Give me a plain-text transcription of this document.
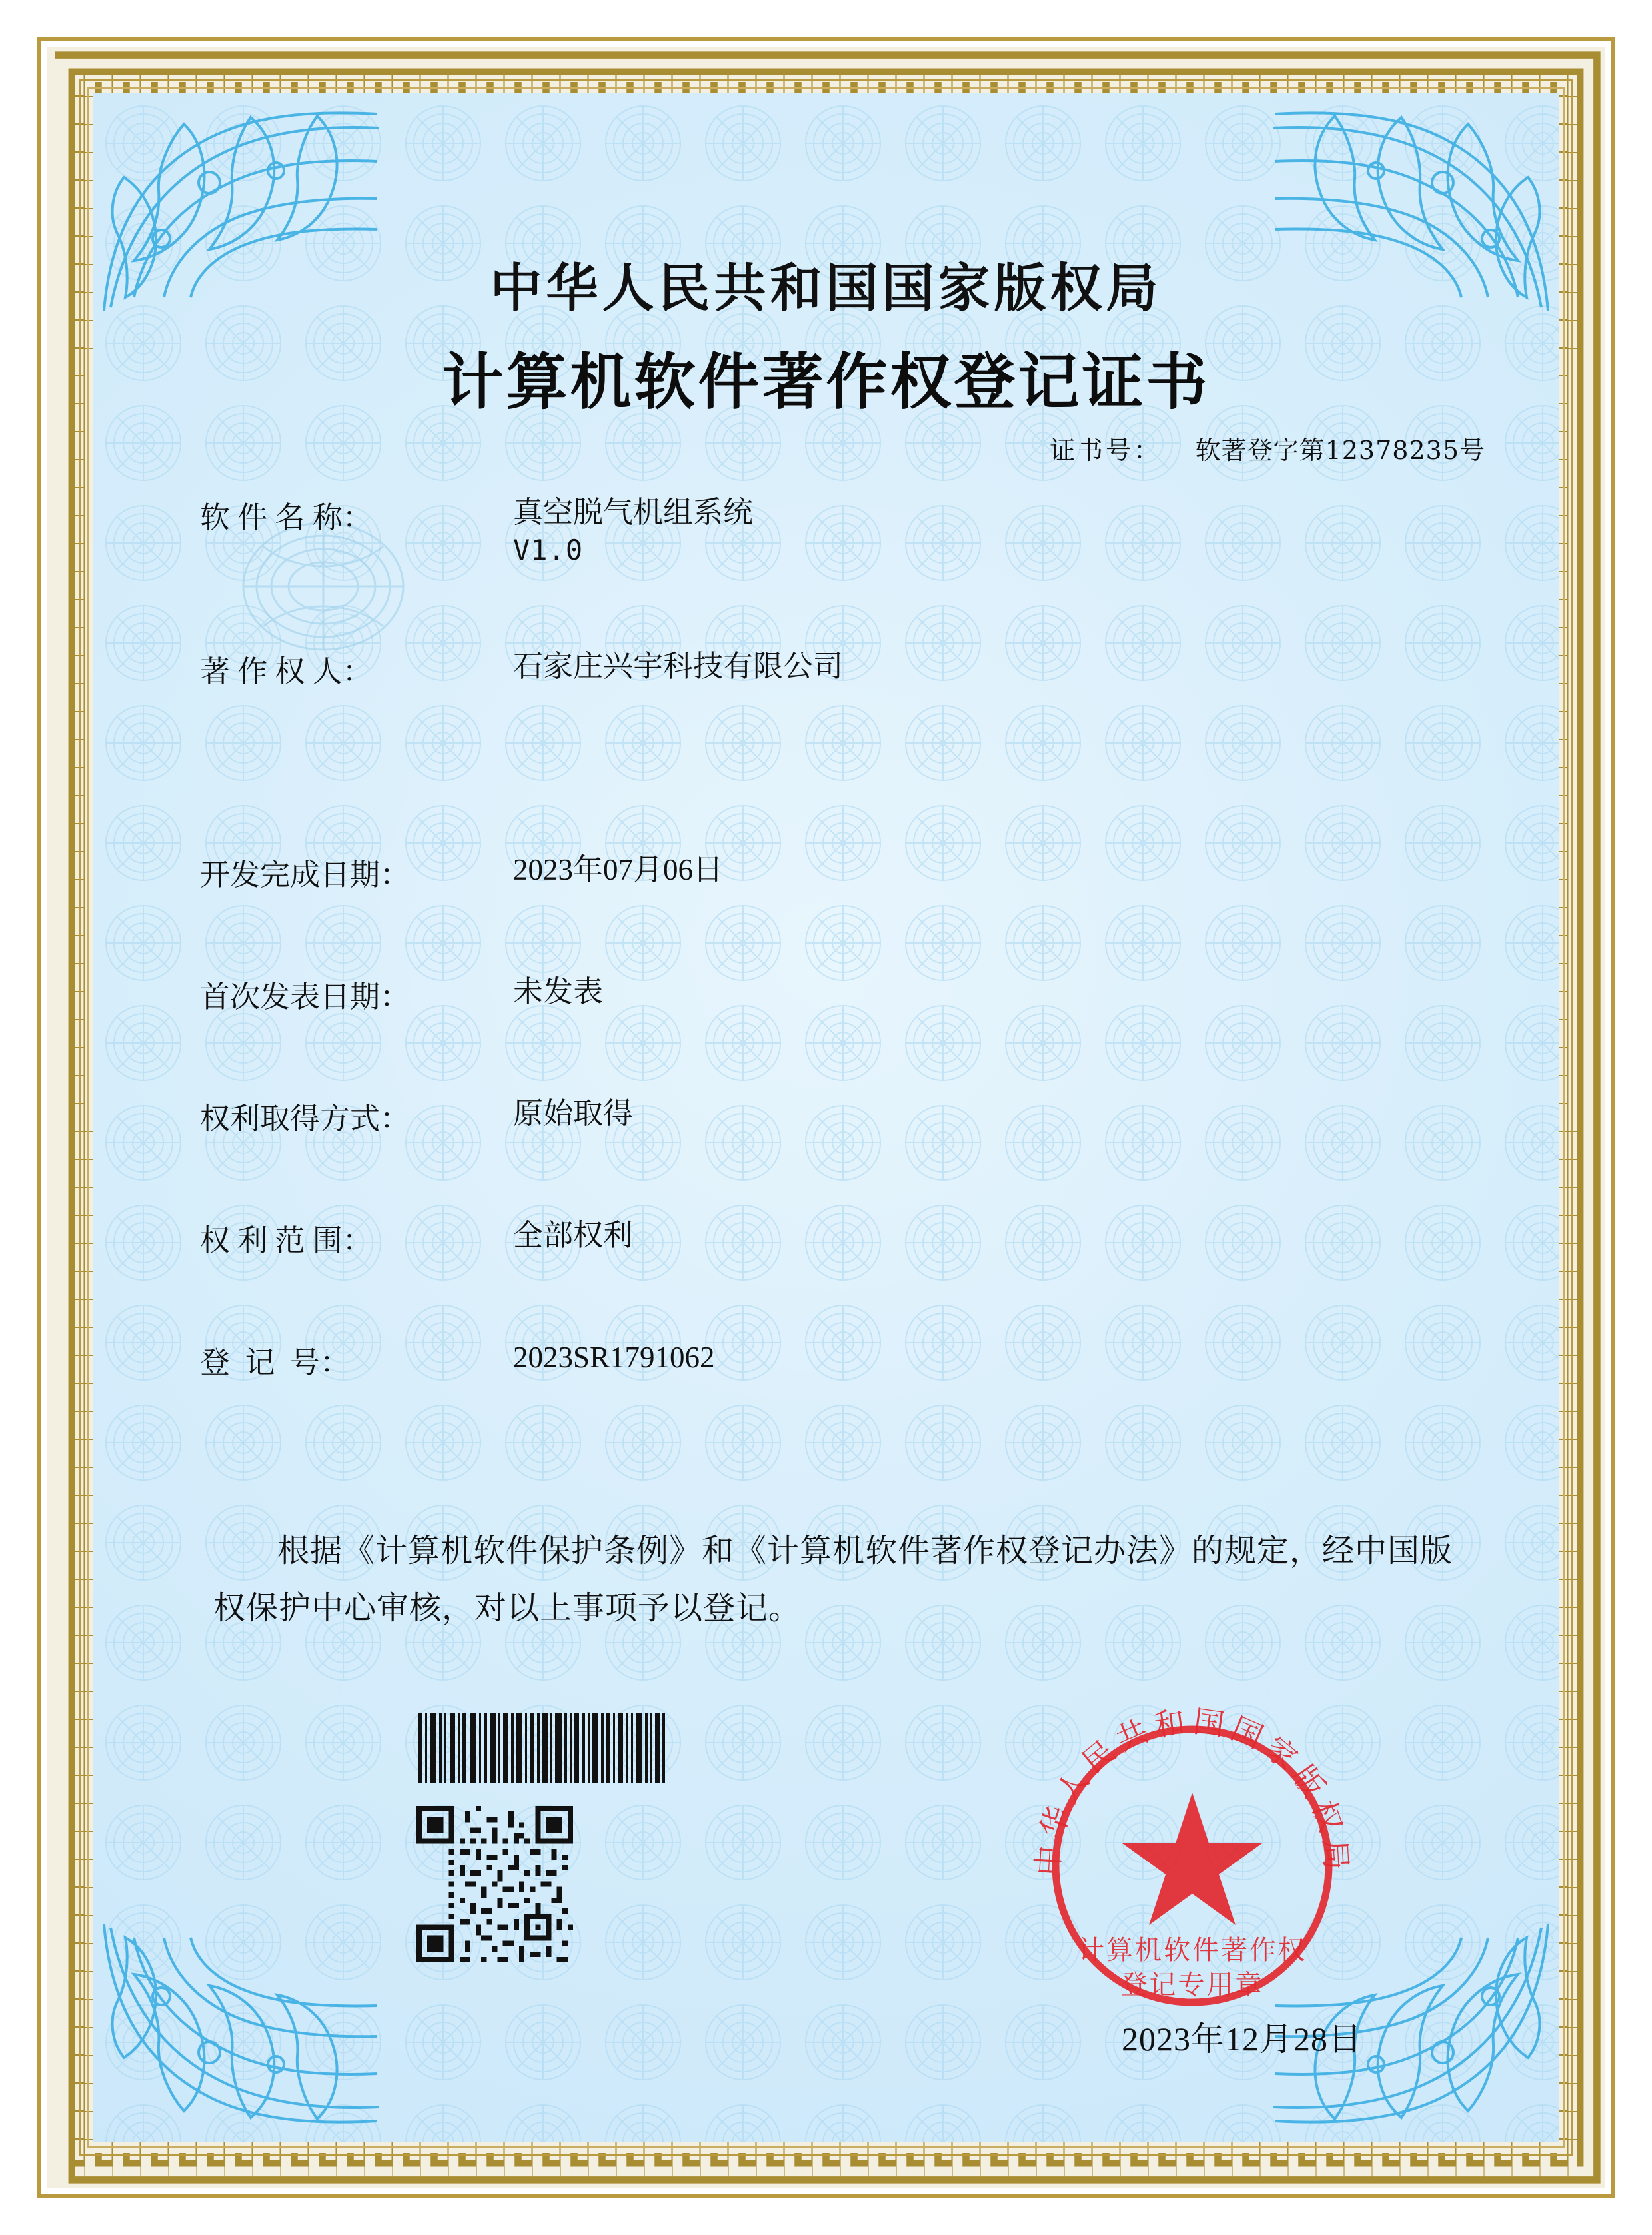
中华人民共和国国家版权局
计算机软件著作权登记证书
证书号： 软著登字第12378235号
软 件 名 称：	真空脱气机组系统
V1.0
著 作 权 人：	石家庄兴宇科技有限公司
开发完成日期：	2023年07月06日
首次发表日期：	未发表
权利取得方式：	原始取得
权 利 范 围：	全部权利
登  记  号：	2023SR1791062
根据《计算机软件保护条例》和《计算机软件著作权登记办法》的规定，经中国版权保护中心审核，对以上事项予以登记。
中华人民共和国国家版权局
计算机软件著作权
登记专用章
2023年12月28日
